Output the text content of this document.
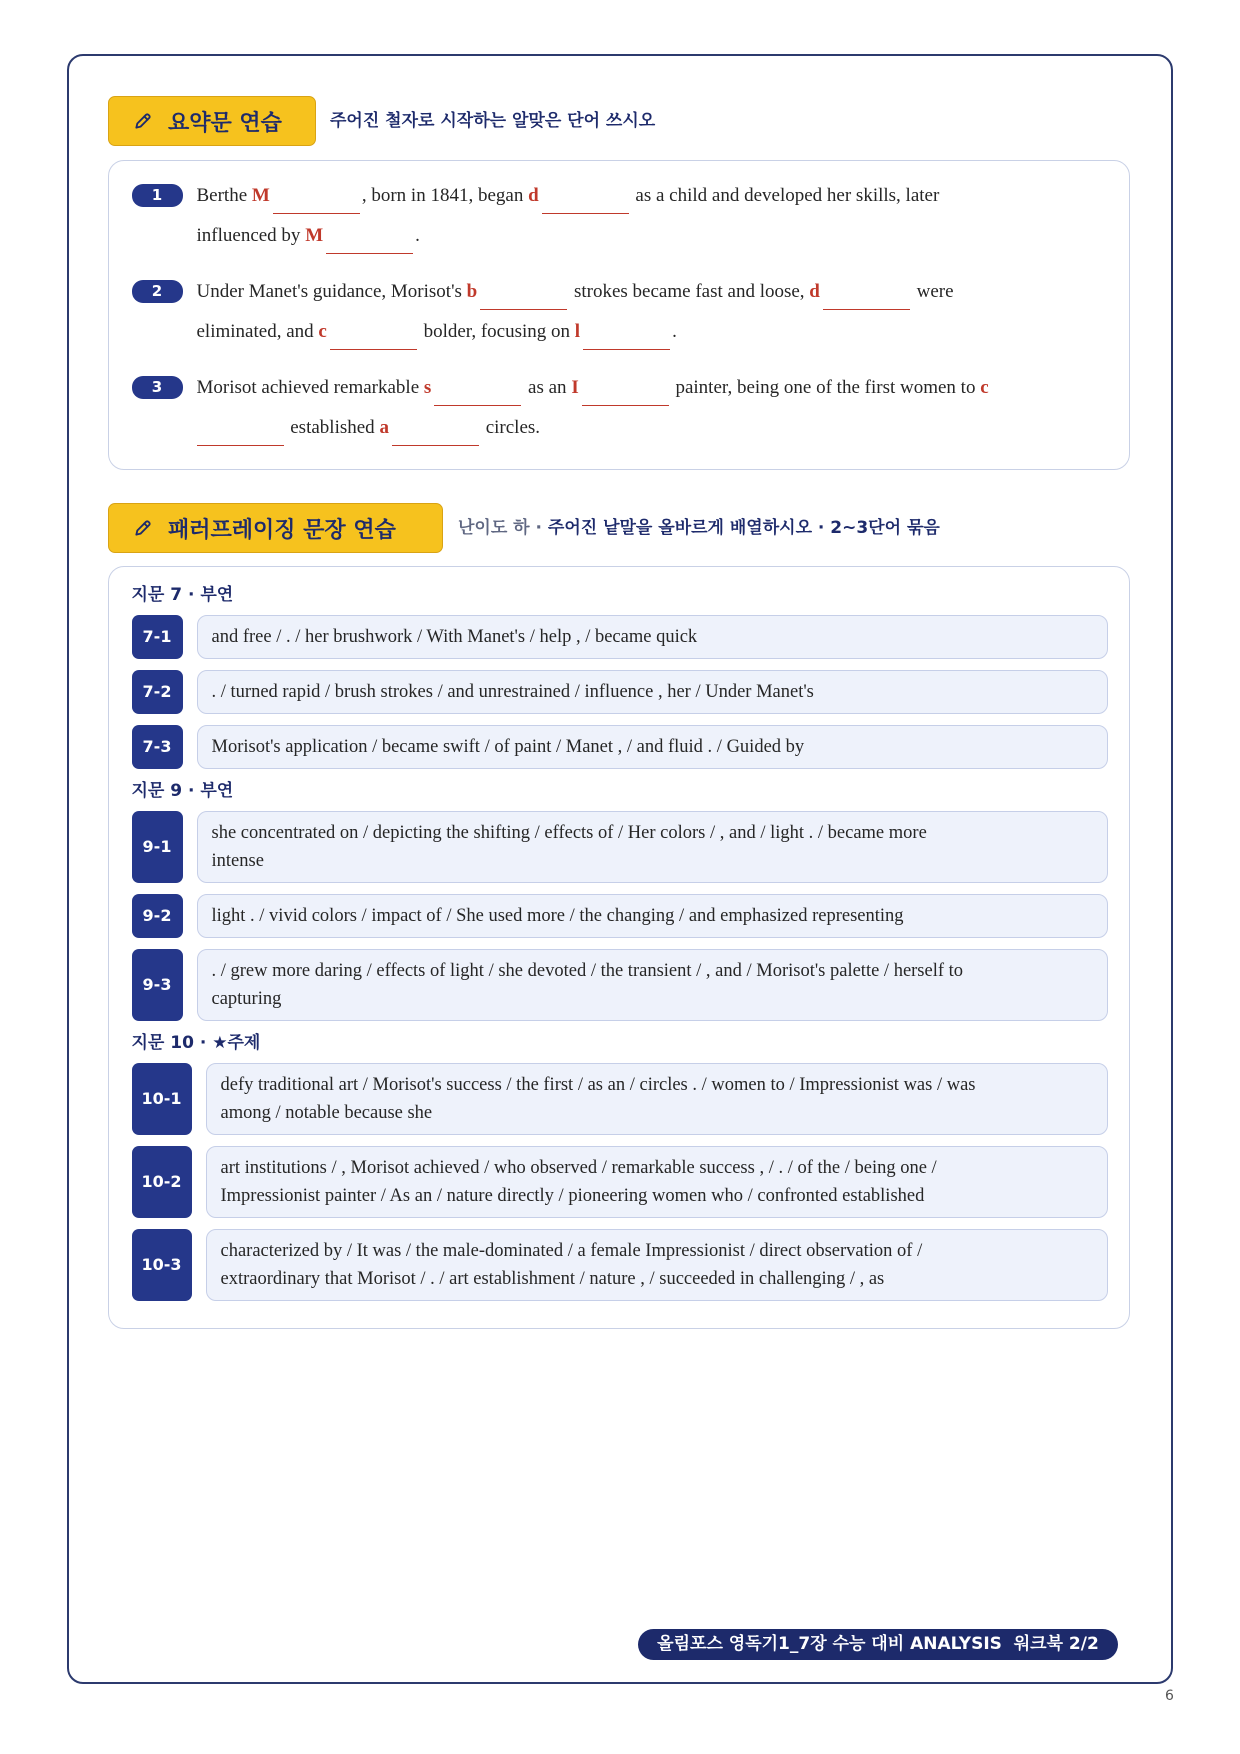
요약문 연습	주어진 철자로 시작하는 알맞은 단어 쓰시오
1	Berthe M	, born in 1841, began d	as a child and developed her skills, later
influenced by M	.
2	Under Manet's guidance, Morisot's b	strokes became fast and loose, d	were
eliminated, and c	bolder, focusing on l	.
3	Morisot achieved remarkable s	as an I	painter, being one of the first women to c
established a	circles.
패러프레이징 문장 연습	난이도 하 · 주어진 낱말을 올바르게 배열하시오 · 2~3단어 묶음
지문 7 · 부연
7-1	and free / . / her brushwork / With Manet's / help , / became quick
7-2	. / turned rapid / brush strokes / and unrestrained / influence , her / Under Manet's
7-3	Morisot's application / became swift / of paint / Manet , / and fluid . / Guided by
지문 9 · 부연
9-1
she concentrated on / depicting the shifting / effects of / Her colors / , and / light . / became more
intense
9-2	light . / vivid colors / impact of / She used more / the changing / and emphasized representing
9-3
. / grew more daring / effects of light / she devoted / the transient / , and / Morisot's palette / herself to
capturing
지문 10 · ★주제
10-1
defy traditional art / Morisot's success / the first / as an / circles . / women to / Impressionist was / was
among / notable because she
10-2
art institutions / , Morisot achieved / who observed / remarkable success , / . / of the / being one /
Impressionist painter / As an / nature directly / pioneering women who / confronted established
10-3
characterized by / It was / the male-dominated / a female Impressionist / direct observation of /
extraordinary that Morisot / . / art establishment / nature , / succeeded in challenging / , as
올림포스 영독기1_7장 수능 대비 ANALYSIS  워크북 2/2
6
